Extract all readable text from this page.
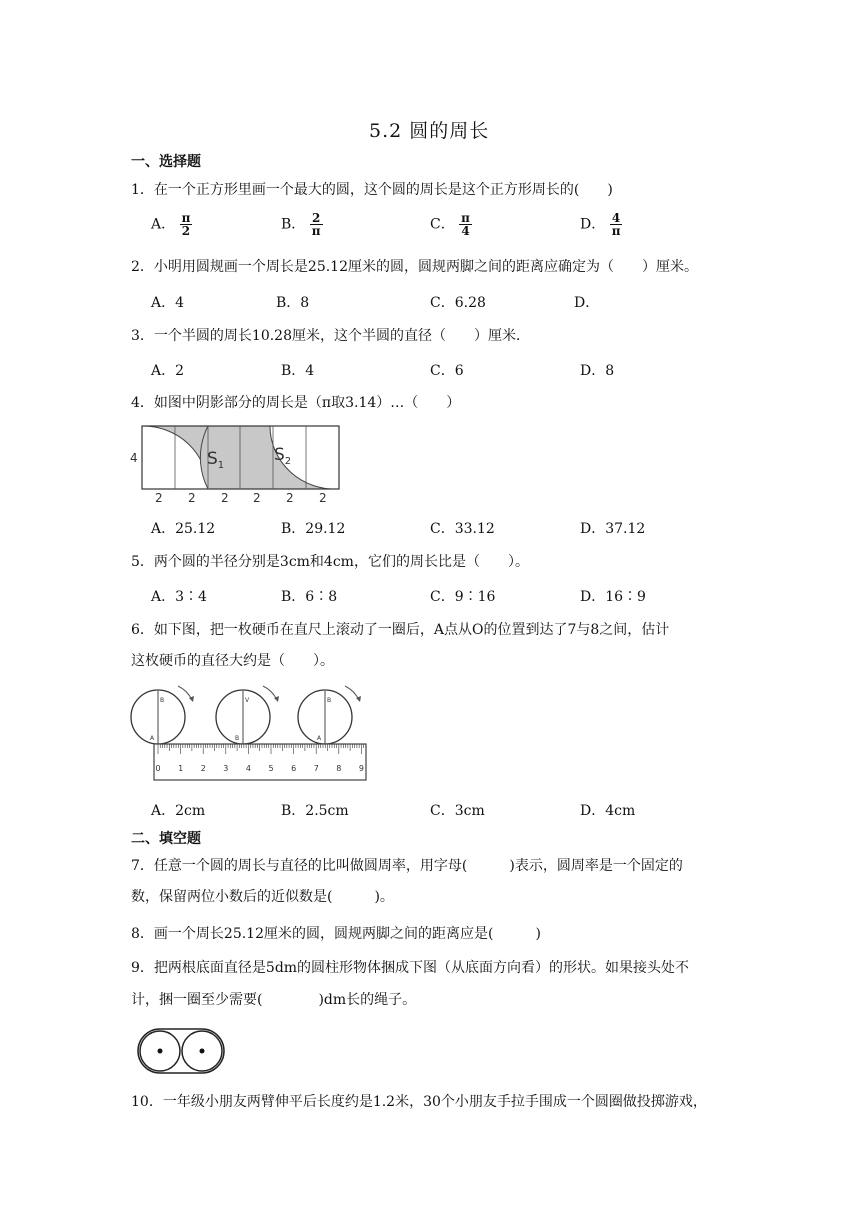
5.2 圆的周长
一、选择题
1．在一个正方形里画一个最大的圆，这个圆的周长是这个正方形周长的(　　)
A． $\frac{\pi}{2}$	B． $\frac{2}{\pi}$	C． $\frac{\pi}{4}$	D． $\frac{4}{\pi}$
2．小明用圆规画一个周长是25.12厘米的圆，圆规两脚之间的距离应确定为（　　）厘米。
A．4	B．8	C．6.28	D．
3．一个半圆的周长10.28厘米，这个半圆的直径（　　）厘米．
A．2	B．4	C．6	D．8
4．如图中阴影部分的周长是（π取3.14）…（　　）
4	$S_1$
$S_2$
2 2 2 2 2 2
A．25.12	B．29.12	C．33.12	D．37.12
5．两个圆的半径分别是3cm和4cm，它们的周长比是（　　）。
A．3∶4	B．6∶8	C．9∶16	D．16∶9
6．如下图，把一枚硬币在直尺上滚动了一圈后，A点从O的位置到达了7与8之间，估计
这枚硬币的直径大约是（　　）。
B
A
V
B
B
A
0 1 2 3 4 5 6 7 8 9
A．2cm	B．2.5cm	C．3cm	D．4cm
二、填空题
7．任意一个圆的周长与直径的比叫做圆周率，用字母(　　　)表示，圆周率是一个固定的
数，保留两位小数后的近似数是(　　　)。
8．画一个周长25.12厘米的圆，圆规两脚之间的距离应是(　　　)
9．把两根底面直径是5dm的圆柱形物体捆成下图（从底面方向看）的形状。如果接头处不
计，捆一圈至少需要(　　　　)dm长的绳子。
10．一年级小朋友两臂伸平后长度约是1.2米，30个小朋友手拉手围成一个圆圈做投掷游戏，
